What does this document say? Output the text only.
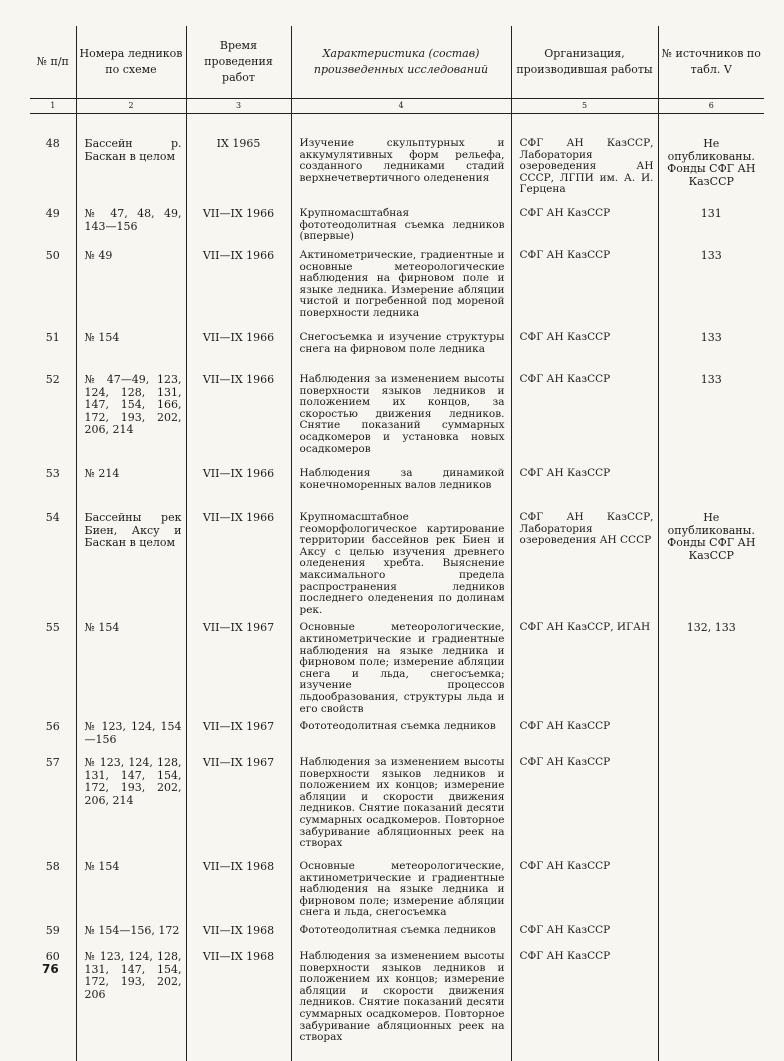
№ п/п	Номера ледников по схеме	Время проведения работ	Характеристика (состав) произведенных исследований	Организация, производившая работы	№ источников по табл. V
1	2	3	4	5	6

48	Бассейн р. Баскан в целом	IX 1965	Изучение скульптурных и аккумулятивных форм рельефа, созданного ледниками стадий верхнечетвертичного оледенения	СФГ АН КазССР, Лаборатория озероведения АН СССР, ЛГПИ им. А. И. Герцена	Не опубликованы. Фонды СФГ АН КазССР
49	№ 47, 48, 49, 143—156	VII—IX 1966	Крупномасштабная фототеодолитная съемка ледников (впервые)	СФГ АН КазССР	131
50	№ 49	VII—IX 1966	Актинометрические, градиентные и основные метеорологические наблюдения на фирновом поле и языке ледника. Измерение абляции чистой и погребенной под мореной поверхности ледника	СФГ АН КазССР	133
51	№ 154	VII—IX 1966	Снегосъемка и изучение структуры снега на фирновом поле ледника	СФГ АН КазССР	133
52	№ 47—49, 123, 124, 128, 131, 147, 154, 166, 172, 193, 202, 206, 214	VII—IX 1966	Наблюдения за изменением высоты поверхности языков ледников и положением их концов, за скоростью движения ледников. Снятие показаний суммарных осадкомеров и установка новых осадкомеров	СФГ АН КазССР	133
53	№ 214	VII—IX 1966	Наблюдения за динамикой конечноморенных валов ледников	СФГ АН КазССР	
54	Бассейны рек Биен, Аксу и Баскан в целом	VII—IX 1966	Крупномасштабное геоморфологическое картирование территории бассейнов рек Биен и Аксу с целью изучения древнего оледенения хребта. Выяснение максимального предела распространения ледников последнего оледенения по долинам рек.	СФГ АН КазССР, Лаборатория озероведения АН СССР	Не опубликованы. Фонды СФГ АН КазССР
55	№ 154	VII—IX 1967	Основные метеорологические, актинометрические и градиентные наблюдения на языке ледника и фирновом поле; измерение абляции снега и льда, снегосъемка; изучение процессов льдообразования, структуры льда и его свойств	СФГ АН КазССР, ИГАН	132, 133
56	№ 123, 124, 154—156	VII—IX 1967	Фототеодолитная съемка ледников	СФГ АН КазССР	
57	№ 123, 124, 128, 131, 147, 154, 172, 193, 202, 206, 214	VII—IX 1967	Наблюдения за изменением высоты поверхности языков ледников и положением их концов; измерение абляции и скорости движения ледников. Снятие показаний десяти суммарных осадкомеров. Повторное забуривание абляционных реек на створах	СФГ АН КазССР	
58	№ 154	VII—IX 1968	Основные метеорологические, актинометрические и градиентные наблюдения на языке ледника и фирновом поле; измерение абляции снега и льда, снегосъемка	СФГ АН КазССР	
59	№ 154—156, 172	VII—IX 1968	Фототеодолитная съемка ледников	СФГ АН КазССР	
60	№ 123, 124, 128, 131, 147, 154, 172, 193, 202, 206	VII—IX 1968	Наблюдения за изменением высоты поверхности языков ледников и положением их концов; измерение абляции и скорости движения ледников. Снятие показаний десяти суммарных осадкомеров. Повторное забуривание абляционных реек на створах	СФГ АН КазССР	
76
